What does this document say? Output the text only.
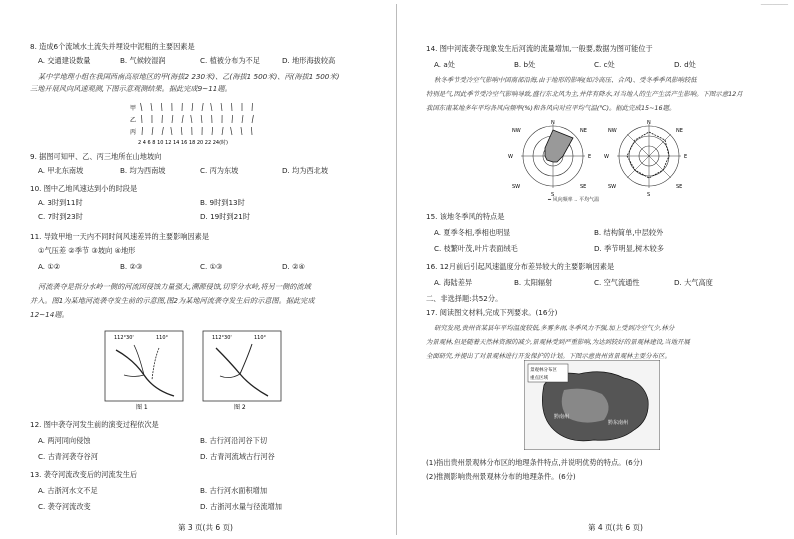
─────────
8. 造成6个流域水土流失并埋设中泥粗的主要因素是
A. 交通建设数量	B. 气候较湿润	C. 植被分布为不足	D. 地形海拔较高
某中学地理小组在我国西南高原地区的甲(海拔2 230米)、乙(海拔1 500米)、丙(海拔1 500米)
三地开展风向风速观测,下图示意观测结果。据此完成9~11题。
甲
乙
丙
2 4 6 8 10 12 14 16 18 20 22 24(时)
9. 据图可知甲、乙、丙三地所在山地坡向
A. 甲北东南坡	B. 均为西南坡	C. 丙为东坡	D. 均为西北坡
10. 图中乙地风速达到小的时段是
A. 3时到11时	B. 9时到13时
C. 7时到23时	D. 19时到21时
11. 导致甲地一天内不同时间风速差异的主要影响因素是
①气压差 ②季节 ③坡向 ④地形
A. ①②	B. ②③	C. ①③	D. ②④
河流袭夺是指分水岭一侧的河流因侵蚀力量强大,溯源侵蚀,切穿分水岭,将另一侧的流域
并入。图1为某地河流袭夺发生前的示意图,图2为某地河流袭夺发生后的示意图。据此完成
12~14题。
112°30'	110°
图 1
112°30'	110°
图 2
12. 图中袭夺河发生前的演变过程依次是
A. 两河同向侵蚀	B. 古行河沿河谷下切
C. 古青河袭夺谷河	D. 古青河流域古行河谷
13. 袭夺河流改变后的河流发生后
A. 古浙河水文不足	B. 古行河水面积增加
C. 袭夺河流改变	D. 古浙河水量与径流增加
第 3 页(共 6 页)
14. 图中河流袭夺现象发生后河流的流量增加,一般要,数据为图可能位于
A. a处	B. b处	C. c处	D. d处
秋冬季节受冷空气影响中国南部沿海,由于地形的影响(如冷高压、合风)、受冬季季风影响较低
特别是气,因此季节受冷空气影响导致,盛行东北风为主,并伴有降水,对当地人的生产生活产生影响。下图示意12月
我国东南某地多年平均各风向频率(%)和各风向对应平均气温(℃)。据此完成15~16题。
N
NE
E
SE
S
SW
W
NW
N
NE
E
SE
S
SW
W
NW
━ 风向频率 ‥ 平均气温
15. 该地冬季风的特点是
A. 夏季冬相,季相也明显	B. 结构简单,中层较外
C. 枝繁叶茂,叶片表面绒毛	D. 季节明显,树木较多
16. 12月前后引起风速温度分布差异较大的主要影响因素是
A. 海陆差异	B. 太阳辐射	C. 空气流通性	D. 大气高度
二、非选择题:共52分。
17. 阅读图文材料,完成下列要求。(16分)
研究发现,贵州省某县年平均温度较低,多雾多雨,冬季风力不强,加上受到冷空气少,林分
为景观林,但是随着天然林资源的减少,景观林受到严重影响,为达到较好的景观林建设,当地开展
全面研究,并提出了对景观林进行开发保护的计划。下图示意贵州省景观林主要分布区。
景观林分布区
重点区域
黔南州
黔东南州
(1)指出贵州景观林分布区的地理条件特点,并说明优势的特点。(6分)
(2)推测影响贵州景观林分布的地理条件。(6分)
第 4 页(共 6 页)
